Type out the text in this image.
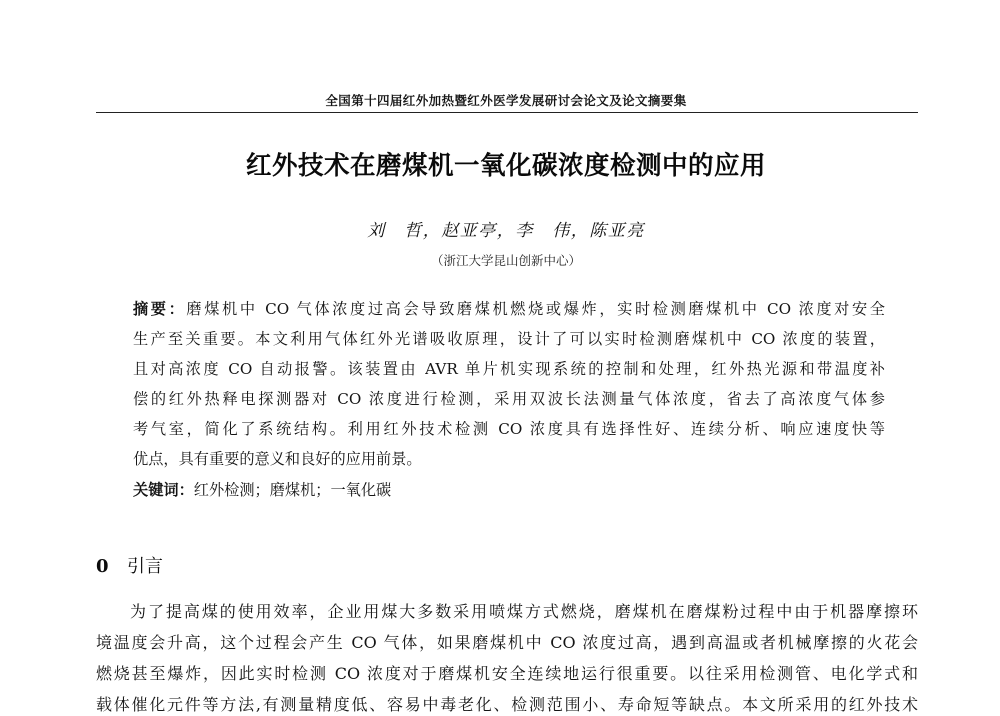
全国第十四届红外加热暨红外医学发展研讨会论文及论文摘要集
红外技术在磨煤机一氧化碳浓度检测中的应用
刘　哲，赵亚亭，李　伟，陈亚亮
（浙江大学昆山创新中心）
摘要：磨煤机中 CO 气体浓度过高会导致磨煤机燃烧或爆炸，实时检测磨煤机中 CO 浓度对安全
生产至关重要。本文利用气体红外光谱吸收原理，设计了可以实时检测磨煤机中 CO 浓度的装置，
且对高浓度 CO 自动报警。该装置由 AVR 单片机实现系统的控制和处理，红外热光源和带温度补
偿的红外热释电探测器对 CO 浓度进行检测，采用双波长法测量气体浓度，省去了高浓度气体参
考气室，简化了系统结构。利用红外技术检测 CO 浓度具有选择性好、连续分析、响应速度快等
优点，具有重要的意义和良好的应用前景。
关键词：红外检测；磨煤机；一氧化碳
0 引言
为了提高煤的使用效率，企业用煤大多数采用喷煤方式燃烧，磨煤机在磨煤粉过程中由于机器摩擦环
境温度会升高，这个过程会产生 CO 气体，如果磨煤机中 CO 浓度过高，遇到高温或者机械摩擦的火花会
燃烧甚至爆炸，因此实时检测 CO 浓度对于磨煤机安全连续地运行很重要。以往采用检测管、电化学式和
载体催化元件等方法,有测量精度低、容易中毒老化、检测范围小、寿命短等缺点。本文所采用的红外技术
